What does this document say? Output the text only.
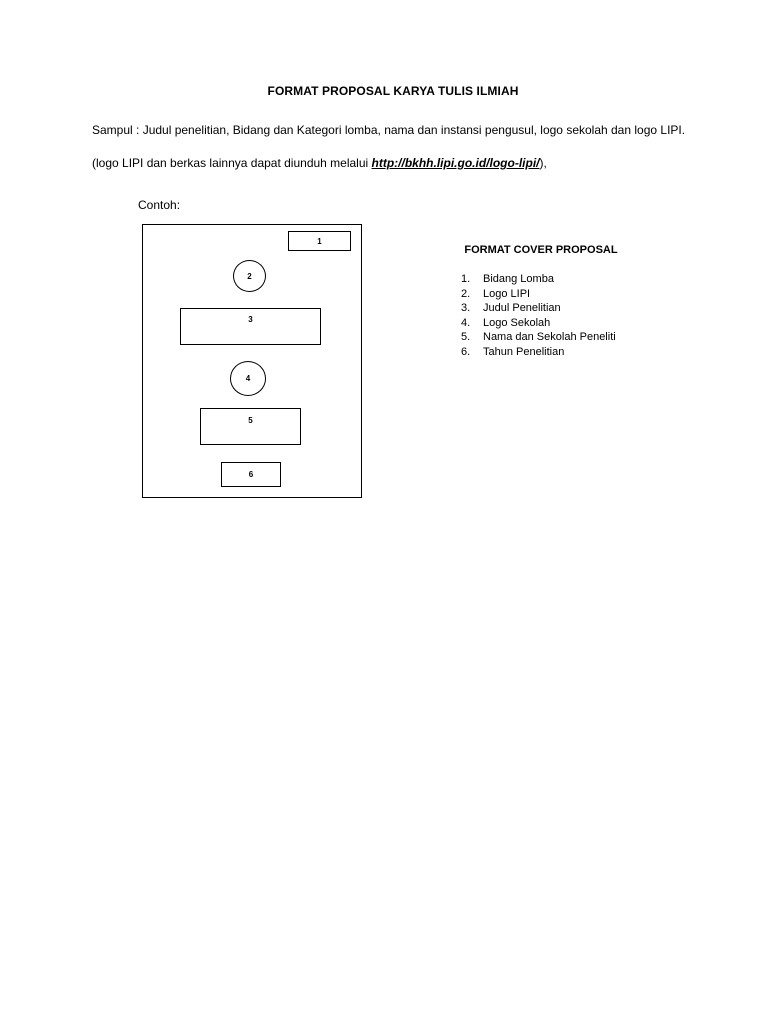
FORMAT PROPOSAL KARYA TULIS ILMIAH
Sampul : Judul penelitian, Bidang dan Kategori lomba, nama dan instansi pengusul, logo sekolah dan logo LIPI.
(logo LIPI dan berkas lainnya dapat diunduh melalui http://bkhh.lipi.go.id/logo-lipi/),
Contoh:
1
2
3
4
5
6
FORMAT COVER PROPOSAL
1.	Bidang Lomba
2.	Logo LIPI
3.	Judul Penelitian
4.	Logo Sekolah
5.	Nama dan Sekolah Peneliti
6.	Tahun Penelitian
